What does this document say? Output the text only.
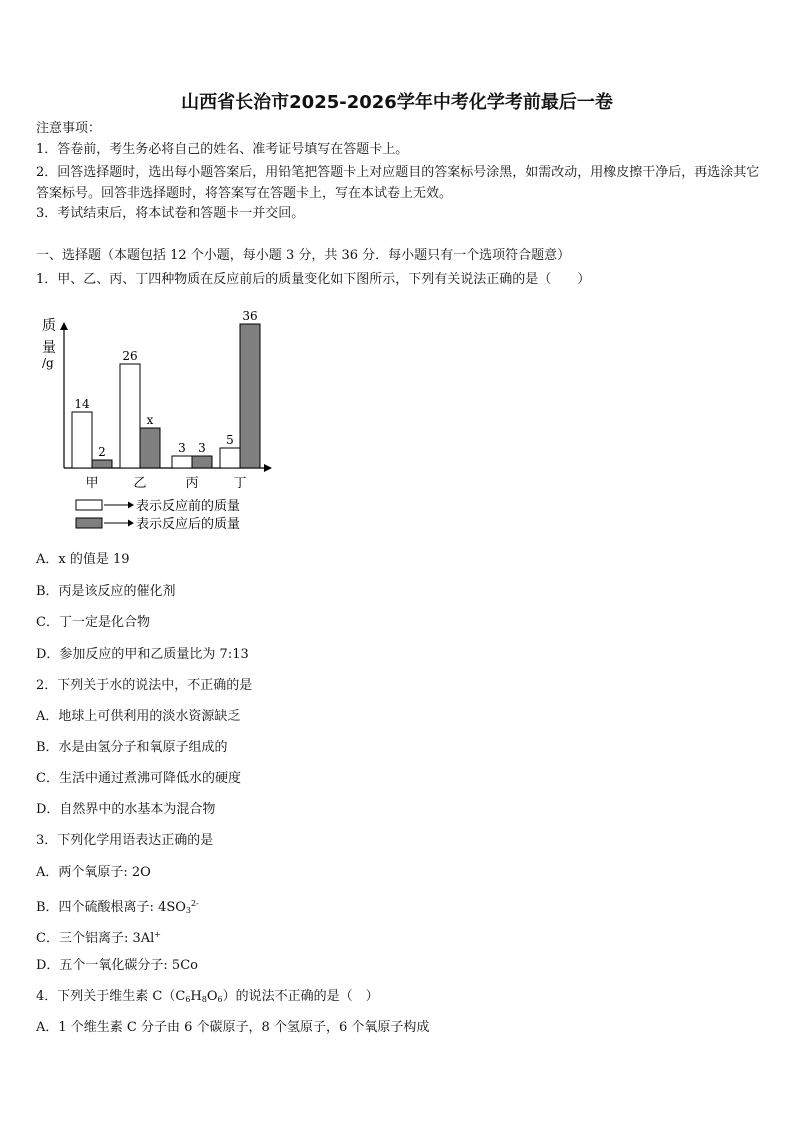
山西省长治市2025-2026学年中考化学考前最后一卷
注意事项：
1．答卷前，考生务必将自己的姓名、准考证号填写在答题卡上。
2．回答选择题时，选出每小题答案后，用铅笔把答题卡上对应题目的答案标号涂黑，如需改动，用橡皮擦干净后，再选涂其它答案标号。回答非选择题时，将答案写在答题卡上，写在本试卷上无效。
3．考试结束后，将本试卷和答题卡一并交回。
一、选择题（本题包括 12 个小题，每小题 3 分，共 36 分．每小题只有一个选项符合题意）
1．甲、乙、丙、丁四种物质在反应前后的质量变化如下图所示，下列有关说法正确的是（　　）
质
量
/g
14
2
甲
26
x
乙
3 3
丙
5
36
丁
表示反应前的质量
表示反应后的质量
A．x 的值是 19
B．丙是该反应的催化剂
C．丁一定是化合物
D．参加反应的甲和乙质量比为 7:13
2．下列关于水的说法中，不正确的是
A．地球上可供利用的淡水资源缺乏
B．水是由氢分子和氧原子组成的
C．生活中通过煮沸可降低水的硬度
D．自然界中的水基本为混合物
3．下列化学用语表达正确的是
A．两个氧原子: 2O
B．四个硫酸根离子: $4SO_3^{2-}$
C．三个铝离子: 3Al+
D．五个一氧化碳分子: 5Co
4．下列关于维生素 $C(C_6H_8O_6)$的说法不正确的是（　）
A．1 个维生素 C 分子由 6 个碳原子，8 个氢原子，6 个氧原子构成
